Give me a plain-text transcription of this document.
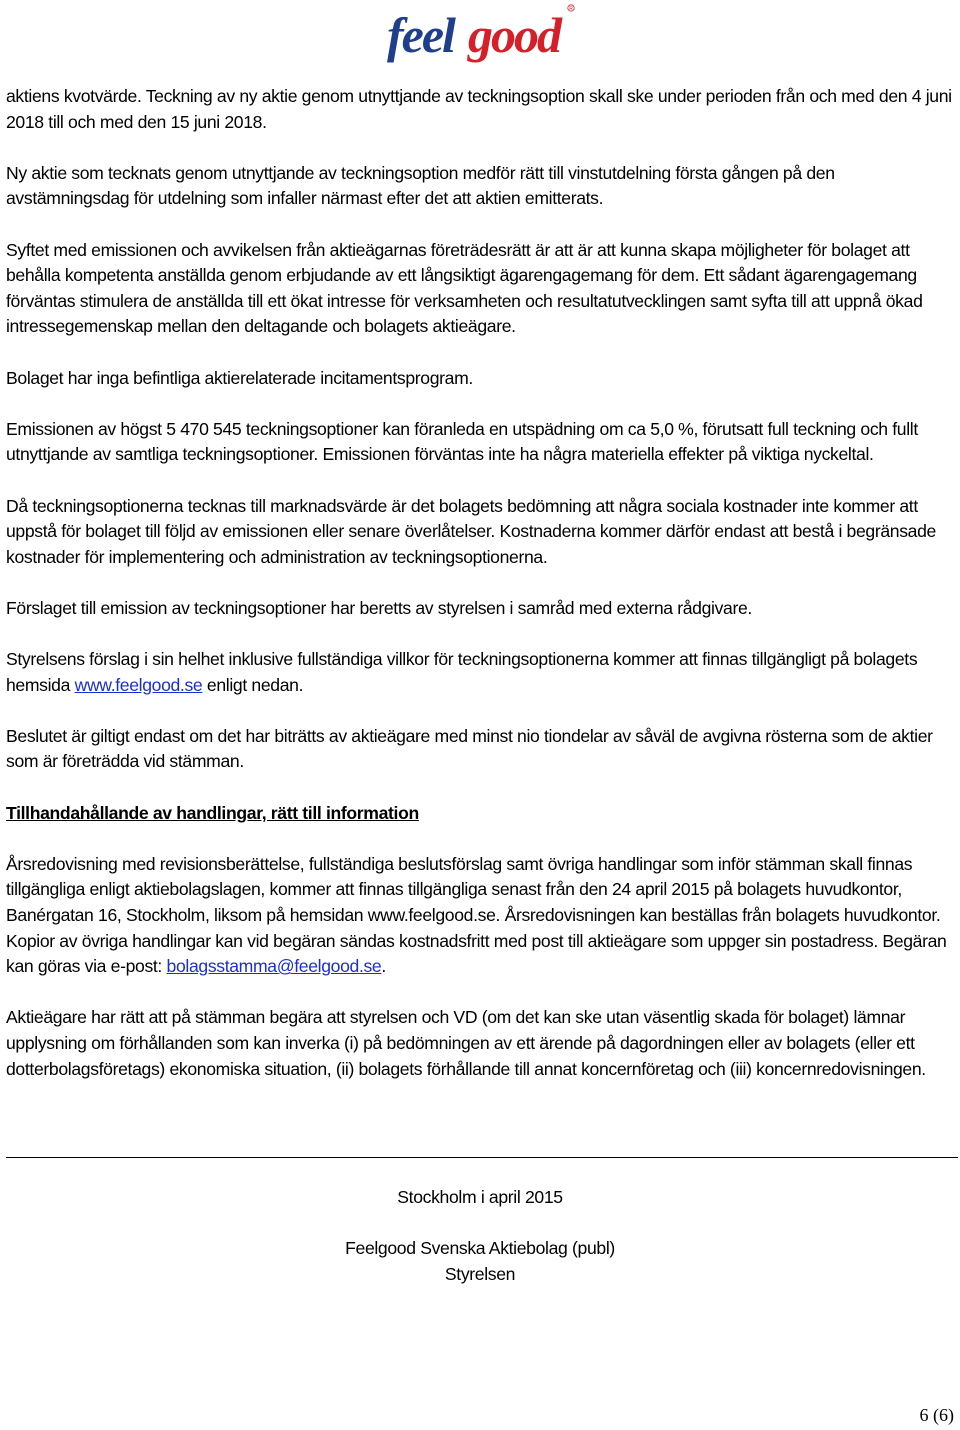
feel good	R

aktiens kvotvärde. Teckning av ny aktie genom utnyttjande av teckningsoption skall ske under perioden från och med den 4 juni 2018 till och med den 15 juni 2018.

Ny aktie som tecknats genom utnyttjande av teckningsoption medför rätt till vinstutdelning första gången på den avstämningsdag för utdelning som infaller närmast efter det att aktien emitterats.

Syftet med emissionen och avvikelsen från aktieägarnas företrädesrätt är att är att kunna skapa möjligheter för bolaget att behålla kompetenta anställda genom erbjudande av ett långsiktigt ägarengagemang för dem. Ett sådant ägarengagemang förväntas stimulera de anställda till ett ökat intresse för verksamheten och resultatutvecklingen samt syfta till att uppnå ökad intressegemenskap mellan den deltagande och bolagets aktieägare.

Bolaget har inga befintliga aktierelaterade incitamentsprogram.

Emissionen av högst 5 470 545 teckningsoptioner kan föranleda en utspädning om ca 5,0 %, förutsatt full teckning och fullt utnyttjande av samtliga teckningsoptioner. Emissionen förväntas inte ha några materiella effekter på viktiga nyckeltal.

Då teckningsoptionerna tecknas till marknadsvärde är det bolagets bedömning att några sociala kostnader inte kommer att uppstå för bolaget till följd av emissionen eller senare överlåtelser. Kostnaderna kommer därför endast att bestå i begränsade kostnader för implementering och administration av teckningsoptionerna.

Förslaget till emission av teckningsoptioner har beretts av styrelsen i samråd med externa rådgivare.

Styrelsens förslag i sin helhet inklusive fullständiga villkor för teckningsoptionerna kommer att finnas tillgängligt på bolagets hemsida www.feelgood.se enligt nedan.

Beslutet är giltigt endast om det har biträtts av aktieägare med minst nio tiondelar av såväl de avgivna rösterna som de aktier som är företrädda vid stämman.

Tillhandahållande av handlingar, rätt till information

Årsredovisning med revisionsberättelse, fullständiga beslutsförslag samt övriga handlingar som inför stämman skall finnas tillgängliga enligt aktiebolagslagen, kommer att finnas tillgängliga senast från den 24 april 2015 på bolagets huvudkontor, Banérgatan 16, Stockholm, liksom på hemsidan www.feelgood.se. Årsredovisningen kan beställas från bolagets huvudkontor. Kopior av övriga handlingar kan vid begäran sändas kostnadsfritt med post till aktieägare som uppger sin postadress. Begäran kan göras via e-post: bolagsstamma@feelgood.se.

Aktieägare har rätt att på stämman begära att styrelsen och VD (om det kan ske utan väsentlig skada för bolaget) lämnar upplysning om förhållanden som kan inverka (i) på bedömningen av ett ärende på dagordningen eller av bolagets (eller ett dotterbolagsföretags) ekonomiska situation, (ii) bolagets förhållande till annat koncernföretag och (iii) koncernredovisningen.

Stockholm i april 2015
Feelgood Svenska Aktiebolag (publ)
Styrelsen
6 (6)
